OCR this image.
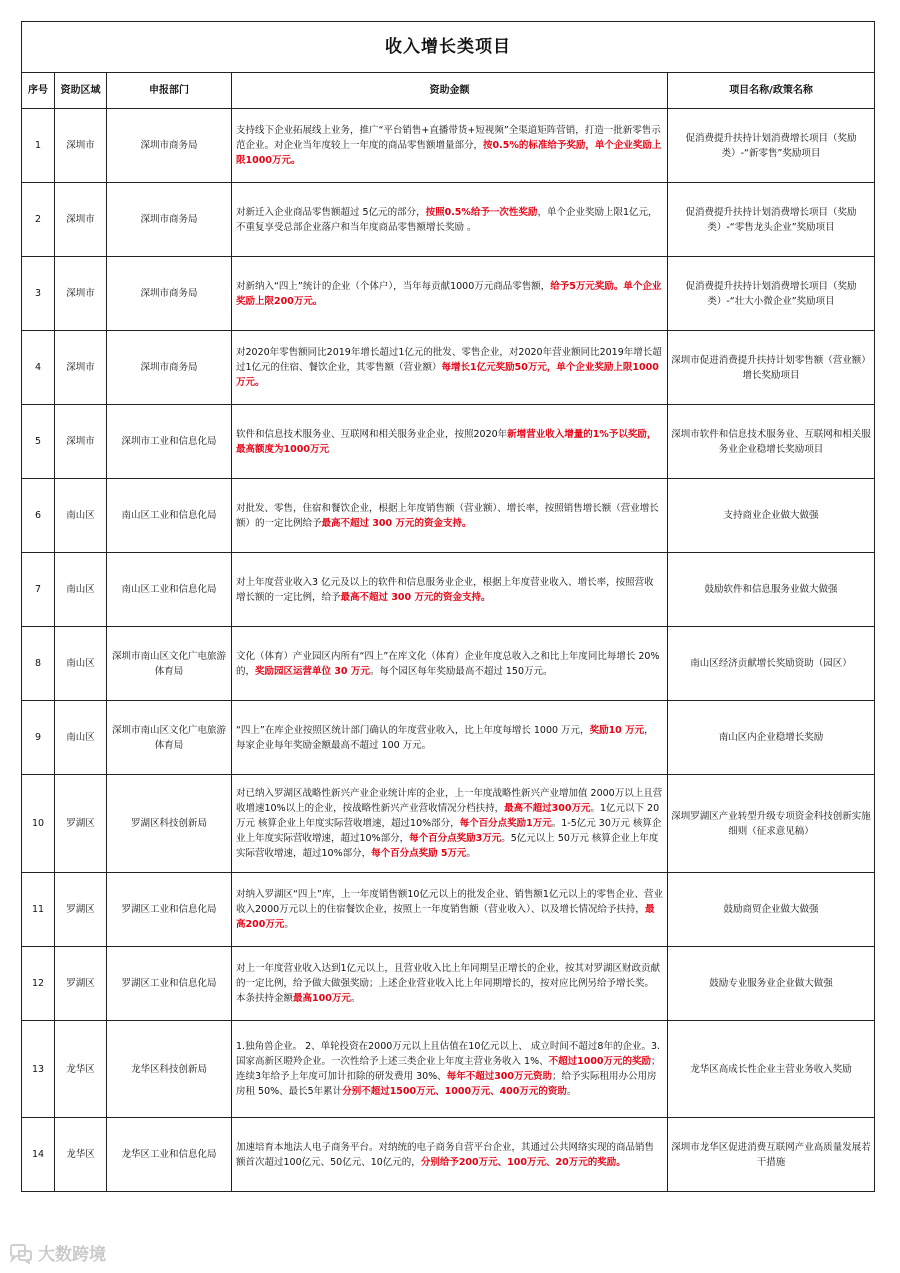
收入增长类项目				
序号	资助区域	申报部门	资助金额	项目名称/政策名称
1	深圳市	深圳市商务局	支持线下企业拓展线上业务，推广“平台销售+直播带货+短视频”全渠道矩阵营销，打造一批新零售示范企业。对企业当年度较上一年度的商品零售额增量部分，按0.5%的标准给予奖励，单个企业奖励上限1000万元。	促消费提升扶持计划消费增长项目（奖励类）-“新零售”奖励项目
2	深圳市	深圳市商务局	对新迁入企业商品零售额超过 5亿元的部分，按照0.5%给予一次性奖励，单个企业奖励上限1亿元，不重复享受总部企业落户和当年度商品零售额增长奖励 。	促消费提升扶持计划消费增长项目（奖励类）-“零售龙头企业”奖励项目
3	深圳市	深圳市商务局	对新纳入“四上”统计的企业（个体户），当年每贡献1000万元商品零售额，给予5万元奖励。单个企业奖励上限200万元。	促消费提升扶持计划消费增长项目（奖励类）-“壮大小微企业”奖励项目
4	深圳市	深圳市商务局	对2020年零售额同比2019年增长超过1亿元的批发、零售企业，对2020年营业额同比2019年增长超过1亿元的住宿、餐饮企业，其零售额（营业额）每增长1亿元奖励50万元，单个企业奖励上限1000万元。	深圳市促进消费提升扶持计划零售额（营业额）增长奖励项目
5	深圳市	深圳市工业和信息化局	软件和信息技术服务业、互联网和相关服务业企业，按照2020年新增营业收入增量的1%予以奖励，最高额度为1000万元	深圳市软件和信息技术服务业、互联网和相关服务业企业稳增长奖励项目
6	南山区	南山区工业和信息化局	对批发、零售，住宿和餐饮企业，根据上年度销售额（营业额）、增长率，按照销售增长额（营业增长额）的一定比例给予最高不超过 300 万元的资金支持。	支持商业企业做大做强
7	南山区	南山区工业和信息化局	对上年度营业收入3 亿元及以上的软件和信息服务业企业，根据上年度营业收入、增长率，按照营收增长额的一定比例，给予最高不超过 300 万元的资金支持。	鼓励软件和信息服务业做大做强
8	南山区	深圳市南山区文化广电旅游体育局	文化（体育）产业园区内所有“四上”在库文化（体育）企业年度总收入之和比上年度同比每增长 20% 的，奖励园区运营单位 30 万元。每个园区每年奖励最高不超过 150万元。	南山区经济贡献增长奖励资助（园区）
9	南山区	深圳市南山区文化广电旅游体育局	“四上”在库企业按照区统计部门确认的年度营业收入，比上年度每增长 1000 万元，奖励10 万元，每家企业每年奖励金额最高不超过 100 万元。	南山区内企业稳增长奖励
10	罗湖区	罗湖区科技创新局	对已纳入罗湖区战略性新兴产业企业统计库的企业，上一年度战略性新兴产业增加值 2000万以上且营收增速10%以上的企业，按战略性新兴产业营收情况分档扶持，最高不超过300万元。1亿元以下 20万元 核算企业上年度实际营收增速，超过10%部分，每个百分点奖励1万元。1-5亿元 30万元 核算企业上年度实际营收增速，超过10%部分，每个百分点奖励3万元。5亿元以上 50万元 核算企业上年度实际营收增速，超过10%部分，每个百分点奖励 5万元。	深圳罗湖区产业转型升级专项资金科技创新实施细则（征求意见稿）
11	罗湖区	罗湖区工业和信息化局	对纳入罗湖区“四上”库，上一年度销售额10亿元以上的批发企业、销售额1亿元以上的零售企业、营业收入2000万元以上的住宿餐饮企业，按照上一年度销售额（营业收入）、以及增长情况给予扶持，最高200万元。	鼓励商贸企业做大做强
12	罗湖区	罗湖区工业和信息化局	对上一年度营业收入达到1亿元以上，且营业收入比上年同期呈正增长的企业，按其对罗湖区财政贡献的一定比例，给予做大做强奖励；上述企业营业收入比上年同期增长的，按对应比例另给予增长奖。本条扶持金额最高100万元。	鼓励专业服务业企业做大做强
13	龙华区	龙华区科技创新局	1.独角兽企业。 2、单轮投资在2000万元以上且估值在10亿元以上、 成立时间不超过8年的企业。3.国家高新区瞪羚企业。一次性给予上述三类企业上年度主营业务收入 1%、不超过1000万元的奖励；连续3年给予上年度可加计扣除的研发费用 30%、每年不超过300万元资助；给予实际租用办公用房房租 50%、最长5年累计分别不超过1500万元、1000万元、400万元的资助。	龙华区高成长性企业主营业务收入奖励
14	龙华区	龙华区工业和信息化局	加速培育本地法人电子商务平台。对纳统的电子商务自营平台企业，其通过公共网络实现的商品销售额首次超过100亿元、50亿元、10亿元的，分别给予200万元、100万元、20万元的奖励。	深圳市龙华区促进消费互联网产业高质量发展若干措施
大数跨境
